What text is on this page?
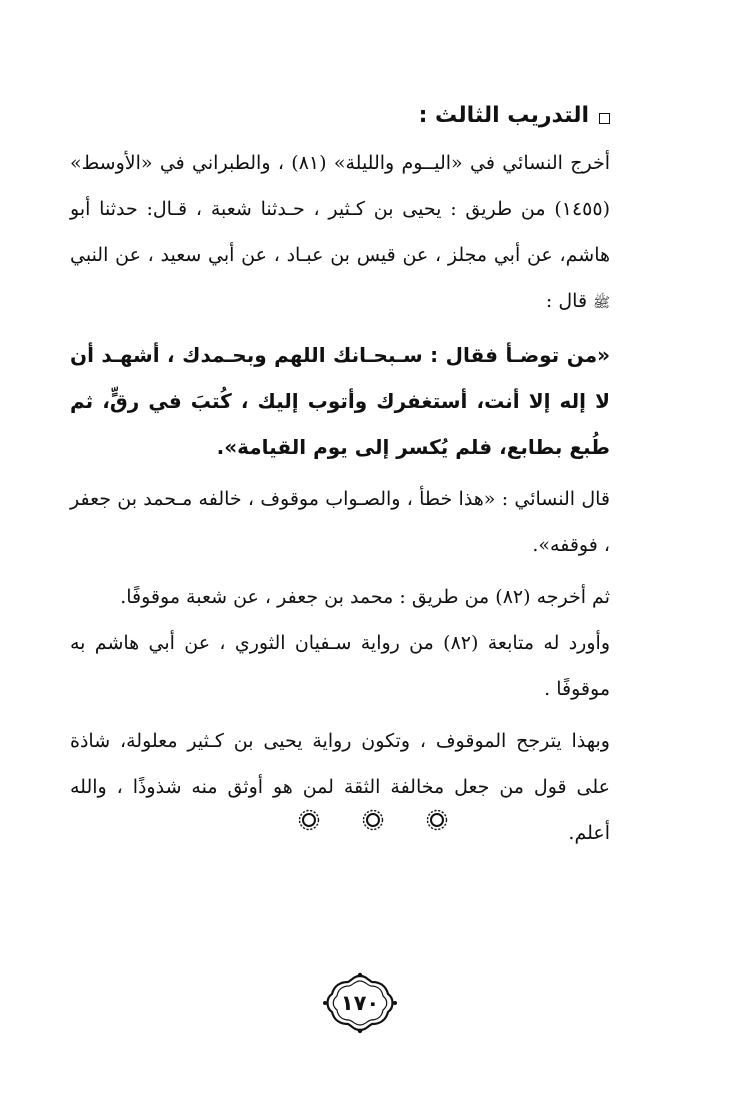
التدريب الثالث :

أخرج النسائي في «اليــوم والليلة» (٨١) ، والطبراني في «الأوسط» (١٤٥٥) من طريق : يحيى بن كـثير ، حـدثنا شعبة ، قـال: حدثنا أبو هاشم، عن أبي مجلز ، عن قيس بن عبـاد ، عن أبي سعيد ، عن النبي ﷺ قال :

«من توضـأ فقال : سـبحـانك اللهم وبحـمدك ، أشهـد أن لا إله إلا أنت، أستغفرك وأتوب إليك ، كُتبَ في رقٍّ، ثم طُبع بطابع، فلم يُكسر إلى يوم القيامة».

قال النسائي : «هذا خطأ ، والصـواب موقوف ، خالفه مـحمد بن جعفر ، فوقفه».

ثم أخرجه (٨٢) من طريق : محمد بن جعفر ، عن شعبة موقوفًا.

وأورد له متابعة (٨٢) من رواية سـفيان الثوري ، عن أبي هاشم به موقوفًا .

وبهذا يترجح الموقوف ، وتكون رواية يحيى بن كـثير معلولة، شاذة على قول من جعل مخالفة الثقة لمن هو أوثق منه شذوذًا ، والله أعلم.

١٧٠
